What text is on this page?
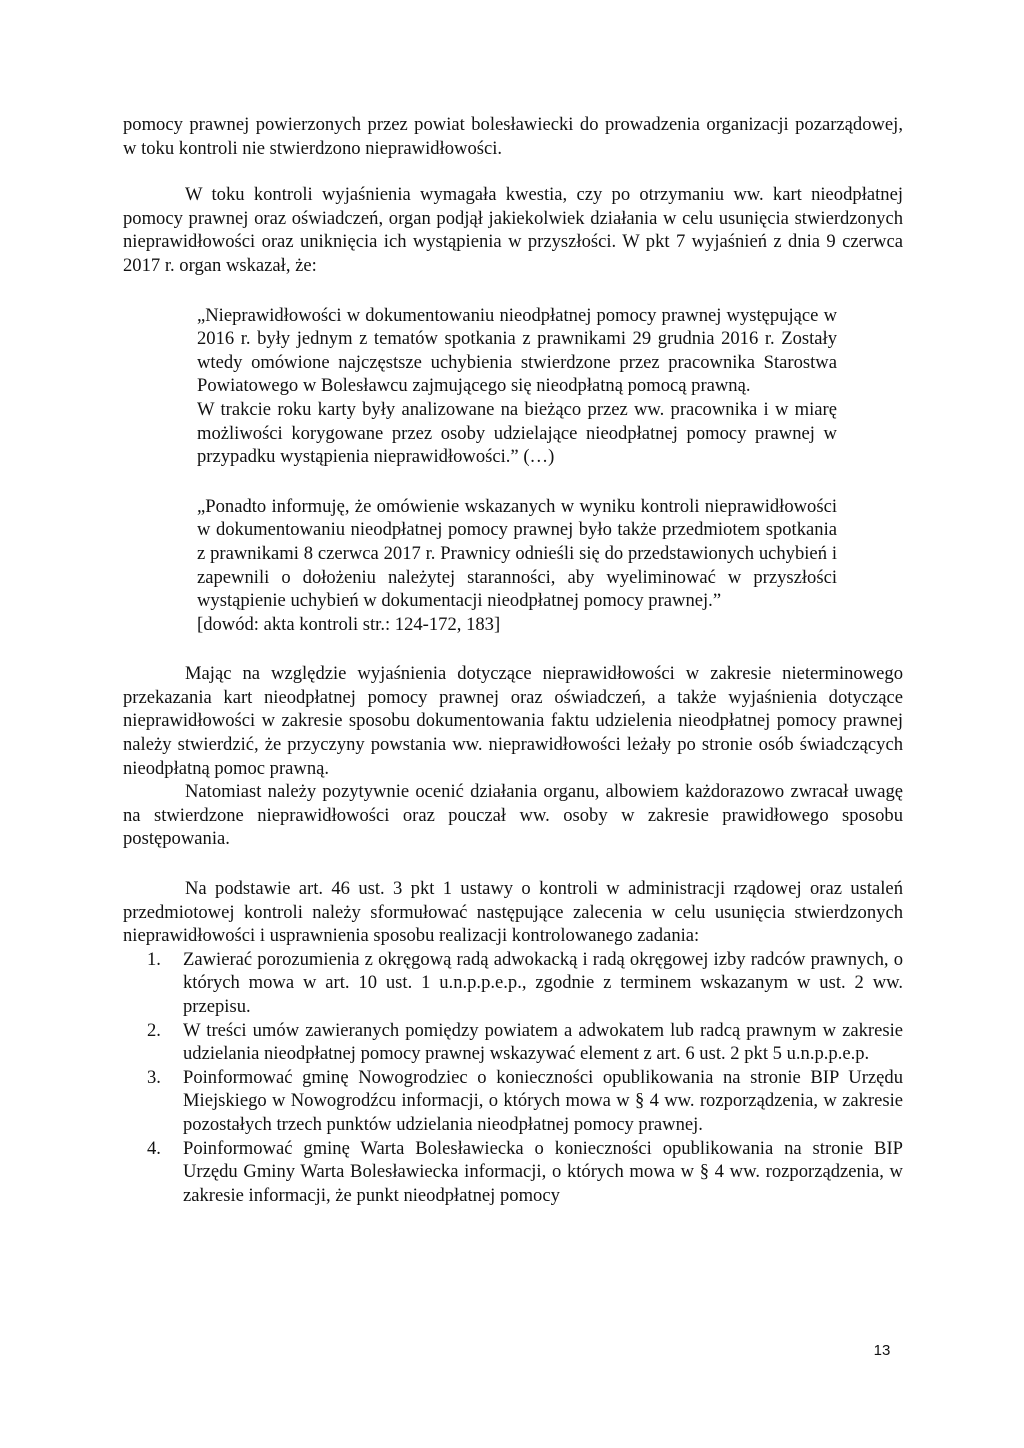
pomocy prawnej powierzonych przez powiat bolesławiecki do prowadzenia organizacji pozarządowej, w toku kontroli nie stwierdzono nieprawidłowości.

W toku kontroli wyjaśnienia wymagała kwestia, czy po otrzymaniu ww. kart nieodpłatnej pomocy prawnej oraz oświadczeń, organ podjął jakiekolwiek działania w celu usunięcia stwierdzonych nieprawidłowości oraz uniknięcia ich wystąpienia w przyszłości. W pkt 7 wyjaśnień z dnia 9 czerwca 2017 r. organ wskazał, że:

„Nieprawidłowości w dokumentowaniu nieodpłatnej pomocy prawnej występujące w 2016 r. były jednym z tematów spotkania z prawnikami 29 grudnia 2016 r. Zostały wtedy omówione najczęstsze uchybienia stwierdzone przez pracownika Starostwa Powiatowego w Bolesławcu zajmującego się nieodpłatną pomocą prawną.

W trakcie roku karty były analizowane na bieżąco przez ww. pracownika i w miarę możliwości korygowane przez osoby udzielające nieodpłatnej pomocy prawnej w przypadku wystąpienia nieprawidłowości.” (…)

„Ponadto informuję, że omówienie wskazanych w wyniku kontroli nieprawidłowości w dokumentowaniu nieodpłatnej pomocy prawnej było także przedmiotem spotkania z prawnikami 8 czerwca 2017 r. Prawnicy odnieśli się do przedstawionych uchybień i zapewnili o dołożeniu należytej staranności, aby wyeliminować w przyszłości wystąpienie uchybień w dokumentacji nieodpłatnej pomocy prawnej.”

[dowód: akta kontroli str.: 124-172, 183]

Mając na względzie wyjaśnienia dotyczące nieprawidłowości w zakresie nieterminowego przekazania kart nieodpłatnej pomocy prawnej oraz oświadczeń, a także wyjaśnienia dotyczące nieprawidłowości w zakresie sposobu dokumentowania faktu udzielenia nieodpłatnej pomocy prawnej należy stwierdzić, że przyczyny powstania ww. nieprawidłowości leżały po stronie osób świadczących nieodpłatną pomoc prawną.

Natomiast należy pozytywnie ocenić działania organu, albowiem każdorazowo zwracał uwagę na stwierdzone nieprawidłowości oraz pouczał ww. osoby w zakresie prawidłowego sposobu postępowania.

Na podstawie art. 46 ust. 3 pkt 1 ustawy o kontroli w administracji rządowej oraz ustaleń przedmiotowej kontroli należy sformułować następujące zalecenia w celu usunięcia stwierdzonych nieprawidłowości i usprawnienia sposobu realizacji kontrolowanego zadania:

1. Zawierać porozumienia z okręgową radą adwokacką i radą okręgowej izby radców prawnych, o których mowa w art. 10 ust. 1 u.n.p.p.e.p., zgodnie z terminem wskazanym w ust. 2 ww. przepisu.
2. W treści umów zawieranych pomiędzy powiatem a adwokatem lub radcą prawnym w zakresie udzielania nieodpłatnej pomocy prawnej wskazywać element z art. 6 ust. 2 pkt 5 u.n.p.p.e.p.
3. Poinformować gminę Nowogrodziec o konieczności opublikowania na stronie BIP Urzędu Miejskiego w Nowogrodźcu informacji, o których mowa w § 4 ww. rozporządzenia, w zakresie pozostałych trzech punktów udzielania nieodpłatnej pomocy prawnej.
4. Poinformować gminę Warta Bolesławiecka o konieczności opublikowania na stronie BIP Urzędu Gminy Warta Bolesławiecka informacji, o których mowa w § 4 ww. rozporządzenia, w zakresie informacji, że punkt nieodpłatnej pomocy
13
